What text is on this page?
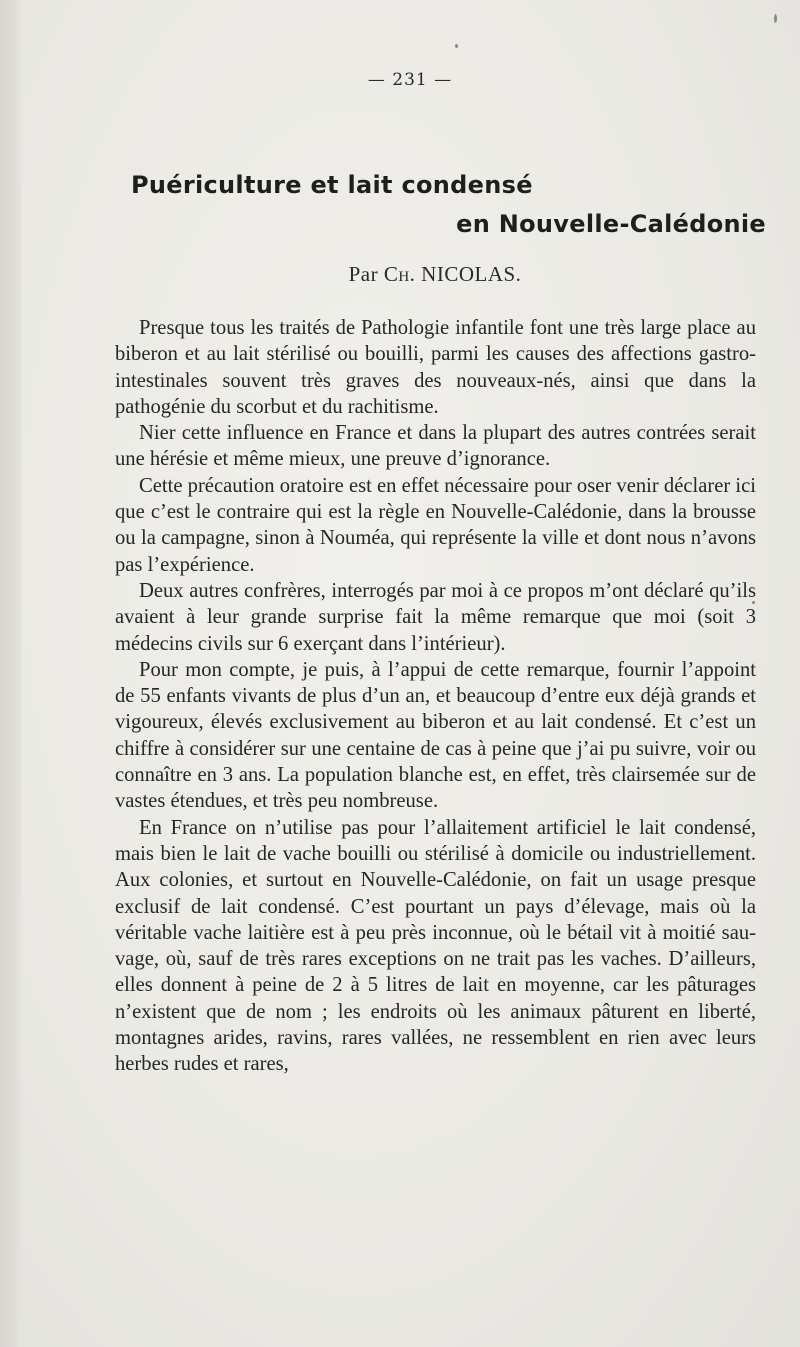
— 231 —
Puériculture et lait condensé
en Nouvelle-Calédonie
Par Ch. NICOLAS.

Presque tous les traités de Pathologie infantile font une très large place au biberon et au lait stérilisé ou bouilli, parmi les causes des affections gastro-intestinales souvent très graves des nouveaux-nés, ainsi que dans la pathogénie du scorbut et du rachitisme.

Nier cette influence en France et dans la plupart des autres contrées serait une hérésie et même mieux, une preuve d’ignorance.

Cette précaution oratoire est en effet nécessaire pour oser venir déclarer ici que c’est le contraire qui est la règle en Nouvelle-Calédonie, dans la brousse ou la campagne, sinon à Nouméa, qui représente la ville et dont nous n’avons pas l’expérience.

Deux autres confrères, interrogés par moi à ce propos m’ont déclaré qu’ils avaient à leur grande surprise fait la même remarque que moi (soit 3 médecins civils sur 6 exerçant dans l’intérieur).

Pour mon compte, je puis, à l’appui de cette remarque, fournir l’appoint de 55 enfants vivants de plus d’un an, et beaucoup d’entre eux déjà grands et vigoureux, élevés exclusivement au biberon et au lait condensé. Et c’est un chiffre à considérer sur une centaine de cas à peine que j’ai pu suivre, voir ou connaître en 3 ans. La population blanche est, en effet, très clairsemée sur de vastes étendues, et très peu nombreuse.

En France on n’utilise pas pour l’allaitement artificiel le lait condensé, mais bien le lait de vache bouilli ou stérilisé à domicile ou industriellement. Aux colonies, et surtout en Nouvelle-Calédonie, on fait un usage presque exclusif de lait condensé. C’est pourtant un pays d’élevage, mais où la véritable vache laitière est à peu près inconnue, où le bétail vit à moitié sauvage, où, sauf de très rares exceptions on ne trait pas les vaches. D’ailleurs, elles donnent à peine de 2 à 5 litres de lait en moyenne, car les pâturages n’existent que de nom ; les endroits où les animaux pâturent en liberté, montagnes arides, ravins, rares vallées, ne ressemblent en rien avec leurs herbes rudes et rares,
